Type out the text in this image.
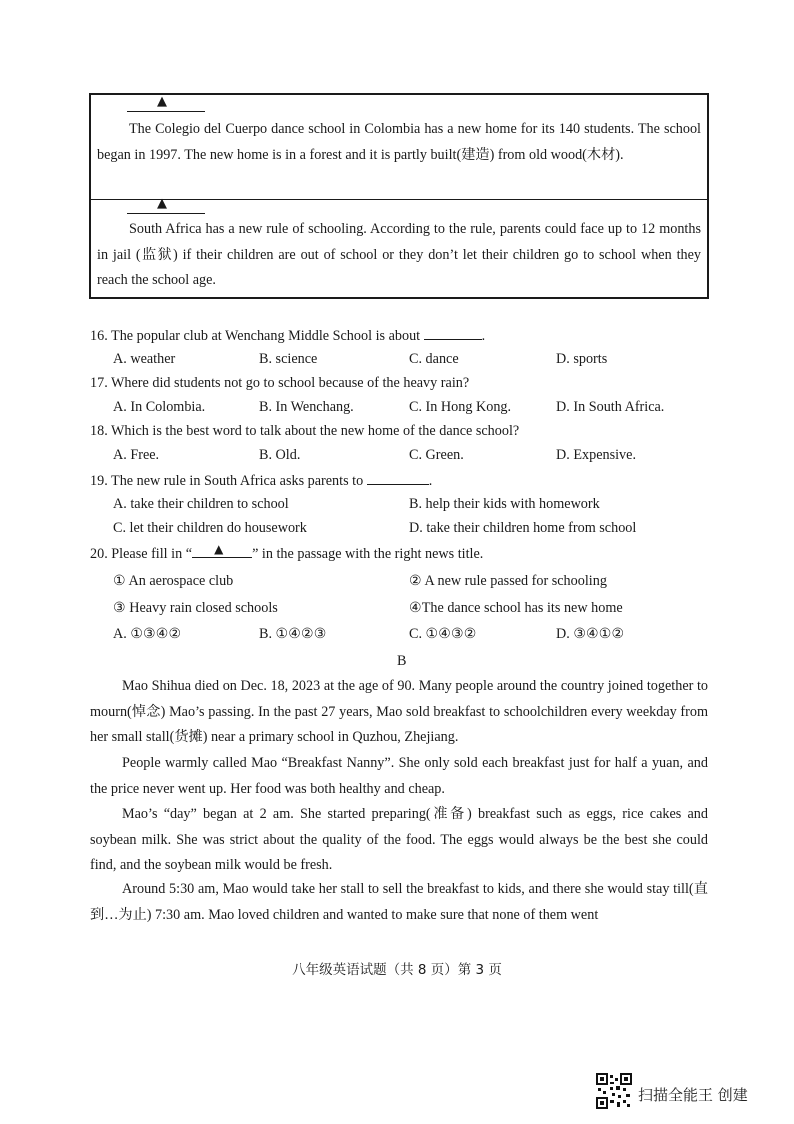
▲
The Colegio del Cuerpo dance school in Colombia has a new home for its 140 students. The school began in 1997. The new home is in a forest and it is partly built(建造) from old wood(木材).
▲
South Africa has a new rule of schooling. According to the rule, parents could face up to 12 months in jail (监狱) if their children are out of school or they don’t let their children go to school when they reach the school age.
16. The popular club at Wenchang Middle School is about	.
A. weather	B. science	C. dance	D. sports
17. Where did students not go to school because of the heavy rain?
A. In Colombia.	B. In Wenchang.	C. In Hong Kong.	D. In South Africa.
18. Which is the best word to talk about the new home of the dance school?
A. Free.	B. Old.	C. Green.	D. Expensive.
19. The new rule in South Africa asks parents to	.
A. take their children to school	B. help their kids with homework
C. let their children do housework	D. take their children home from school
20. Please fill in “ ▲ ” in the passage with the right news title.
① An aerospace club	② A new rule passed for schooling
③ Heavy rain closed schools	④The dance school has its new home
A. ①③④②	B. ①④②③	C. ①④③②	D. ③④①②
B
Mao Shihua died on Dec. 18, 2023 at the age of 90. Many people around the country joined together to mourn(悼念) Mao’s passing. In the past 27 years, Mao sold breakfast to schoolchildren every weekday from her small stall(货摊) near a primary school in Quzhou, Zhejiang.
People warmly called Mao “Breakfast Nanny”. She only sold each breakfast just for half a yuan, and the price never went up. Her food was both healthy and cheap.
Mao’s “day” began at 2 am. She started preparing(准备) breakfast such as eggs, rice cakes and soybean milk. She was strict about the quality of the food. The eggs would always be the best she could find, and the soybean milk would be fresh.
Around 5:30 am, Mao would take her stall to sell the breakfast to kids, and there she would stay till(直到…为止) 7:30 am. Mao loved children and wanted to make sure that none of them went
八年级英语试题（共 8 页）第 3 页
扫描全能王 创建
